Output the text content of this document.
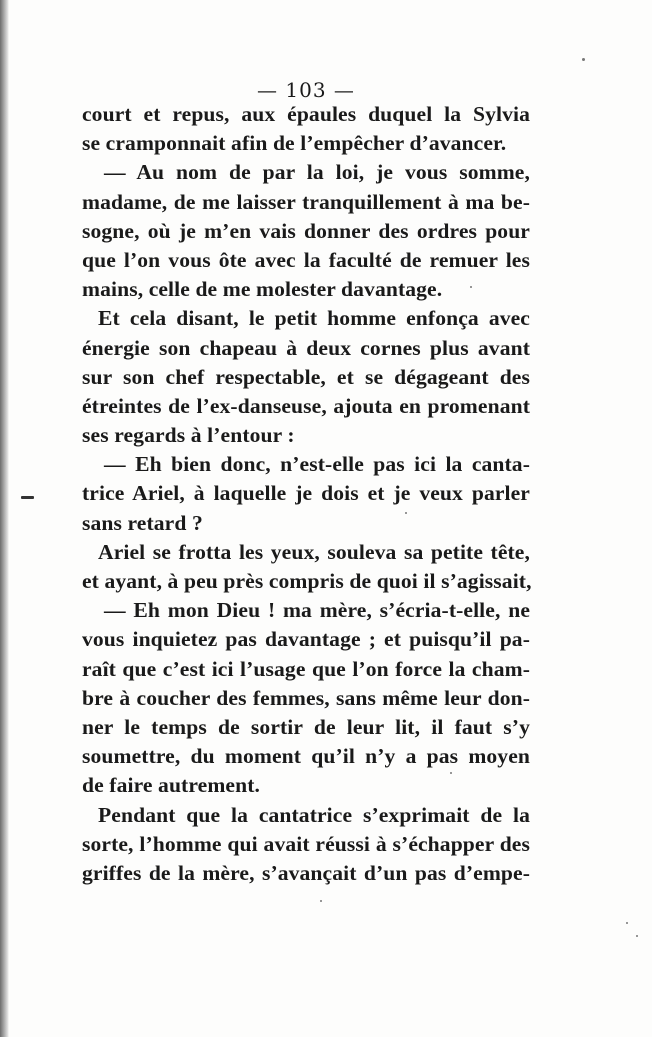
— 103 —
court et repus, aux épaules duquel la Sylvia
se cramponnait afin de l’empêcher d’avancer.
— Au nom de par la loi, je vous somme,
madame, de me laisser tranquillement à ma be-
sogne, où je m’en vais donner des ordres pour
que l’on vous ôte avec la faculté de remuer les
mains, celle de me molester davantage.
Et cela disant, le petit homme enfonça avec
énergie son chapeau à deux cornes plus avant
sur son chef respectable, et se dégageant des
étreintes de l’ex-danseuse, ajouta en promenant
ses regards à l’entour :
— Eh bien donc, n’est-elle pas ici la canta-
trice Ariel, à laquelle je dois et je veux parler
sans retard ?
Ariel se frotta les yeux, souleva sa petite tête,
et ayant, à peu près compris de quoi il s’agissait,
— Eh mon Dieu ! ma mère, s’écria-t-elle, ne
vous inquietez pas davantage ; et puisqu’il pa-
raît que c’est ici l’usage que l’on force la cham-
bre à coucher des femmes, sans même leur don-
ner le temps de sortir de leur lit, il faut s’y
soumettre, du moment qu’il n’y a pas moyen
de faire autrement.
Pendant que la cantatrice s’exprimait de la
sorte, l’homme qui avait réussi à s’échapper des
griffes de la mère, s’avançait d’un pas d’empe-
